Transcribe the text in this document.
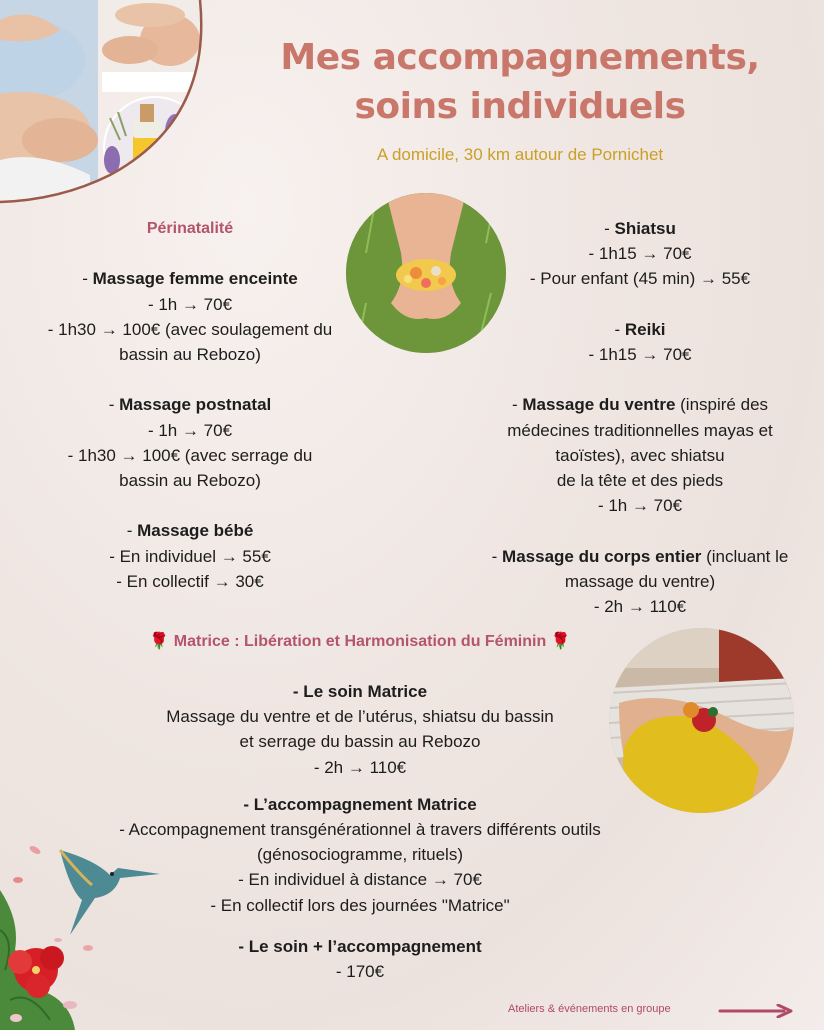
Mes accompagnements,
soins individuels
A domicile, 30 km autour de Pornichet
Périnatalité
- Massage femme enceinte
- 1h → 70€
- 1h30 → 100€ (avec soulagement du
bassin au Rebozo)
- Massage postnatal
- 1h → 70€
- 1h30 → 100€ (avec serrage du
bassin au Rebozo)
- Massage bébé
- En individuel → 55€
- En collectif → 30€
- Shiatsu
- 1h15 → 70€
- Pour enfant (45 min) → 55€
- Reiki
- 1h15 → 70€
- Massage du ventre (inspiré des
médecines traditionnelles mayas et
taoïstes), avec shiatsu
de la tête et des pieds
- 1h → 70€
- Massage du corps entier (incluant le
massage du ventre)
- 2h → 110€
🌹 Matrice : Libération et Harmonisation du Féminin 🌹
- Le soin Matrice
Massage du ventre et de l’utérus, shiatsu du bassin
et serrage du bassin au Rebozo
- 2h → 110€
- L’accompagnement Matrice
- Accompagnement transgénérationnel à travers différents outils
(génosociogramme, rituels)
- En individuel à distance → 70€
- En collectif lors des journées "Matrice"
- Le soin + l’accompagnement
- 170€
Ateliers & événements en groupe
